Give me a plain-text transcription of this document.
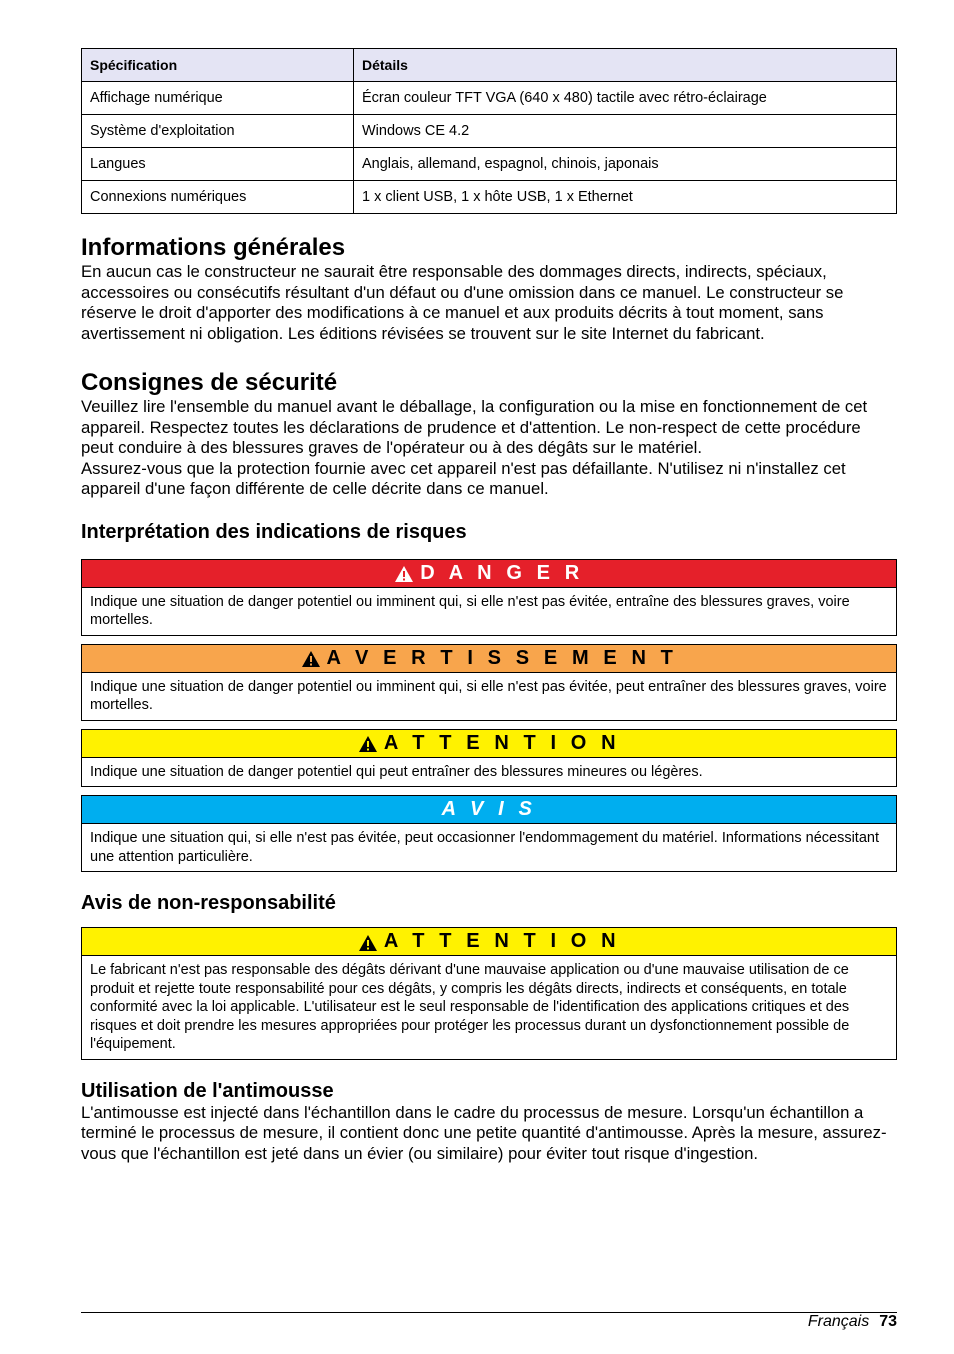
Spécification	Détails
Affichage numérique	Écran couleur TFT VGA (640 x 480) tactile avec rétro-éclairage
Système d'exploitation	Windows CE 4.2
Langues	Anglais, allemand, espagnol, chinois, japonais
Connexions numériques	1 x client USB, 1 x hôte USB, 1 x Ethernet
Informations générales

En aucun cas le constructeur ne saurait être responsable des dommages directs, indirects, spéciaux, accessoires ou consécutifs résultant d'un défaut ou d'une omission dans ce manuel. Le constructeur se réserve le droit d'apporter des modifications à ce manuel et aux produits décrits à tout moment, sans avertissement ni obligation. Les éditions révisées se trouvent sur le site Internet du fabricant.

Consignes de sécurité

Veuillez lire l'ensemble du manuel avant le déballage, la configuration ou la mise en fonctionnement de cet appareil. Respectez toutes les déclarations de prudence et d'attention. Le non-respect de cette procédure peut conduire à des blessures graves de l'opérateur ou à des dégâts sur le matériel.

Assurez-vous que la protection fournie avec cet appareil n'est pas défaillante. N'utilisez ni n'installez cet appareil d'une façon différente de celle décrite dans ce manuel.

Interprétation des indications de risques
D A N G E R
Indique une situation de danger potentiel ou imminent qui, si elle n'est pas évitée, entraîne des blessures graves, voire mortelles.
A V E R T I S S E M E N T
Indique une situation de danger potentiel ou imminent qui, si elle n'est pas évitée, peut entraîner des blessures graves, voire mortelles.
A T T E N T I O N
Indique une situation de danger potentiel qui peut entraîner des blessures mineures ou légères.
A V I S
Indique une situation qui, si elle n'est pas évitée, peut occasionner l'endommagement du matériel. Informations nécessitant une attention particulière.
Avis de non-responsabilité
A T T E N T I O N
Le fabricant n'est pas responsable des dégâts dérivant d'une mauvaise application ou d'une mauvaise utilisation de ce produit et rejette toute responsabilité pour ces dégâts, y compris les dégâts directs, indirects et conséquents, en totale conformité avec la loi applicable. L'utilisateur est le seul responsable de l'identification des applications critiques et des risques et doit prendre les mesures appropriées pour protéger les processus durant un dysfonctionnement possible de l'équipement.
Utilisation de l'antimousse

L'antimousse est injecté dans l'échantillon dans le cadre du processus de mesure. Lorsqu'un échantillon a terminé le processus de mesure, il contient donc une petite quantité d'antimousse. Après la mesure, assurez-vous que l'échantillon est jeté dans un évier (ou similaire) pour éviter tout risque d'ingestion.

Français 73
